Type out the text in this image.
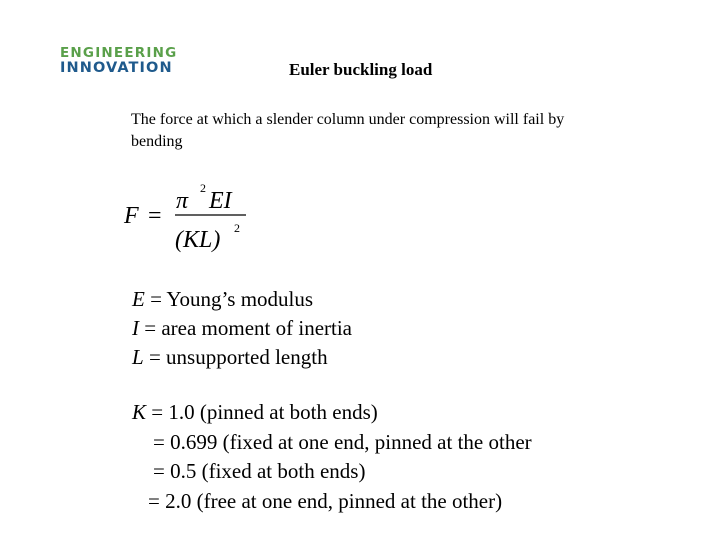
ENGINEERING
INNOVATION	Euler buckling load
The force at which a slender column under compression will fail by bending
F =
π 2 EI
(KL) 2
E = Young’s modulus
I = area moment of inertia
L = unsupported length
K = 1.0 (pinned at both ends)
= 0.699 (fixed at one end, pinned at the other
= 0.5 (fixed at both ends)
= 2.0 (free at one end, pinned at the other)
